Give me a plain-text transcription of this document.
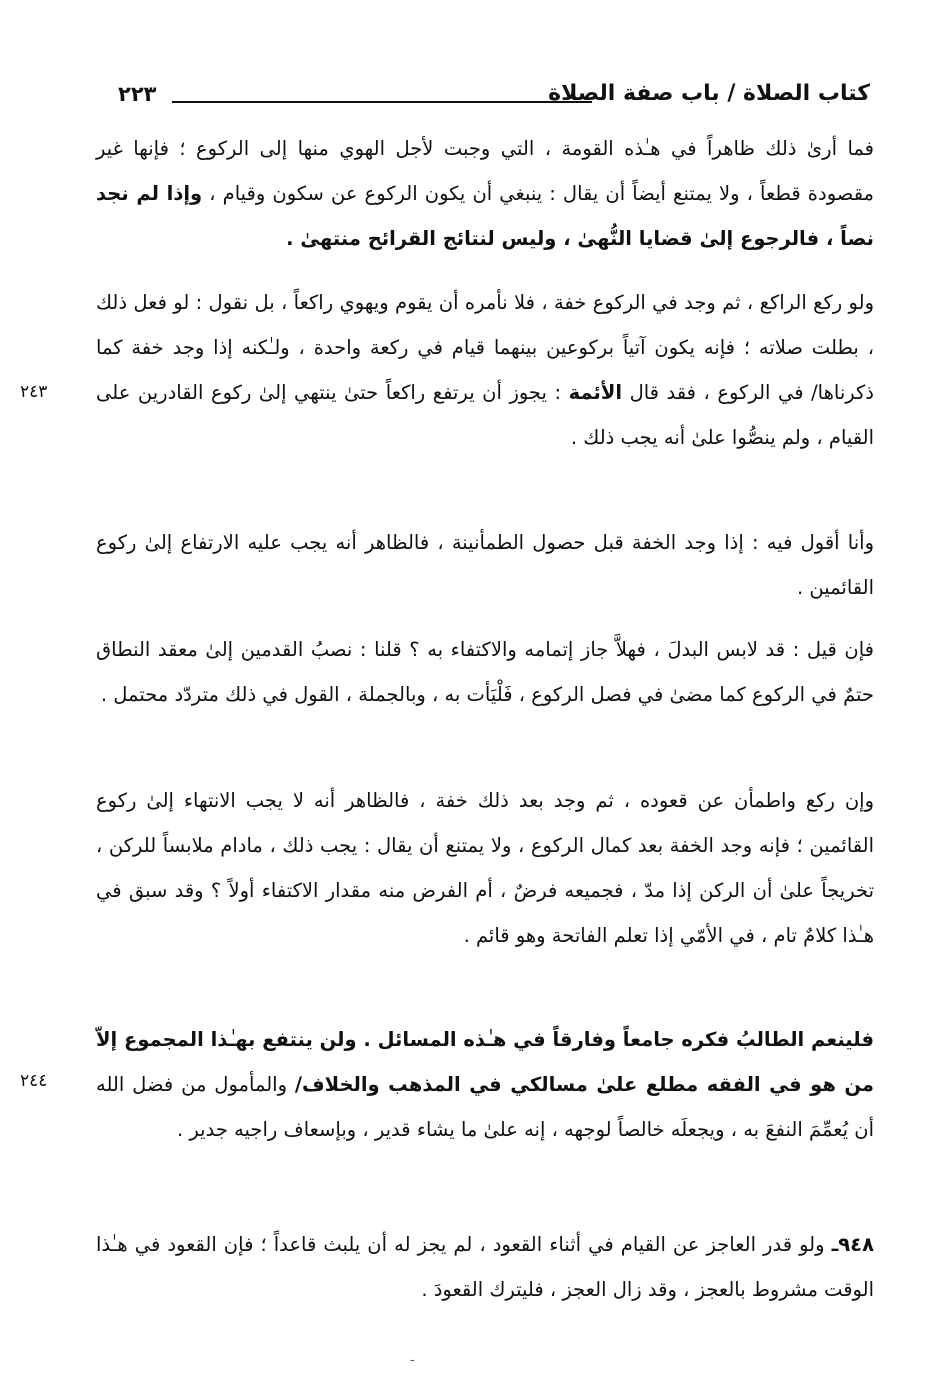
كتاب الصلاة / باب صفة الصلاة
٢٢٣
فما أرىٰ ذلك ظاهراً في هـٰذه القومة ، التي وجبت لأجل الهوي منها إلى الركوع ؛ فإنها غير مقصودة قطعاً ، ولا يمتنع أيضاً أن يقال : ينبغي أن يكون الركوع عن سكون وقيام ، وإذا لم نجد نصاً ، فالرجوع إلىٰ قضايا النُّهىٰ ، وليس لنتائج القرائح منتهىٰ .
ولو ركع الراكع ، ثم وجد في الركوع خفة ، فلا نأمره أن يقوم ويهوي راكعاً ، بل نقول : لو فعل ذلك ، بطلت صلاته ؛ فإنه يكون آتياً بركوعين بينهما قيام في ركعة واحدة ، ولـٰكنه إذا وجد خفة كما ذكرناها/ في الركوع ، فقد قال الأئمة : يجوز أن يرتفع راكعاً حتىٰ ينتهي إلىٰ ركوع القادرين على القيام ، ولم ينصُّوا علىٰ أنه يجب ذلك .
٢٤٣
وأنا أقول فيه : إذا وجد الخفة قبل حصول الطمأنينة ، فالظاهر أنه يجب عليه الارتفاع إلىٰ ركوع القائمين .
فإن قيل : قد لابس البدلَ ، فهلاَّ جاز إتمامه والاكتفاء به ؟ قلنا : نصبُ القدمين إلىٰ معقد النطاق حتمٌ في الركوع كما مضىٰ في فصل الركوع ، فَلْيَأت به ، وبالجملة ، القول في ذلك متردّد محتمل .
وإن ركع واطمأن عن قعوده ، ثم وجد بعد ذلك خفة ، فالظاهر أنه لا يجب الانتهاء إلىٰ ركوع القائمين ؛ فإنه وجد الخفة بعد كمال الركوع ، ولا يمتنع أن يقال : يجب ذلك ، مادام ملابساً للركن ، تخريجاً علىٰ أن الركن إذا مدّ ، فجميعه فرضٌ ، أم الفرض منه مقدار الاكتفاء أولاً ؟ وقد سبق في هـٰذا كلامٌ تام ، في الأمّي إذا تعلم الفاتحة وهو قائم .
فلينعم الطالبُ فكره جامعاً وفارقاً في هـٰذه المسائل . ولن ينتفع بهـٰذا المجموع إلاّ من هو في الفقه مطلع علىٰ مسالكي في المذهب والخلاف/ والمأمول من فضل الله أن يُعمِّمَ النفعَ به ، ويجعلَه خالصاً لوجهه ، إنه علىٰ ما يشاء قدير ، وبإسعاف راجيه جدير .
٢٤٤
٩٤٨ـ ولو قدر العاجز عن القيام في أثناء القعود ، لم يجز له أن يلبث قاعداً ؛ فإن القعود في هـٰذا الوقت مشروط بالعجز ، وقد زال العجز ، فليترك القعودَ .
-
